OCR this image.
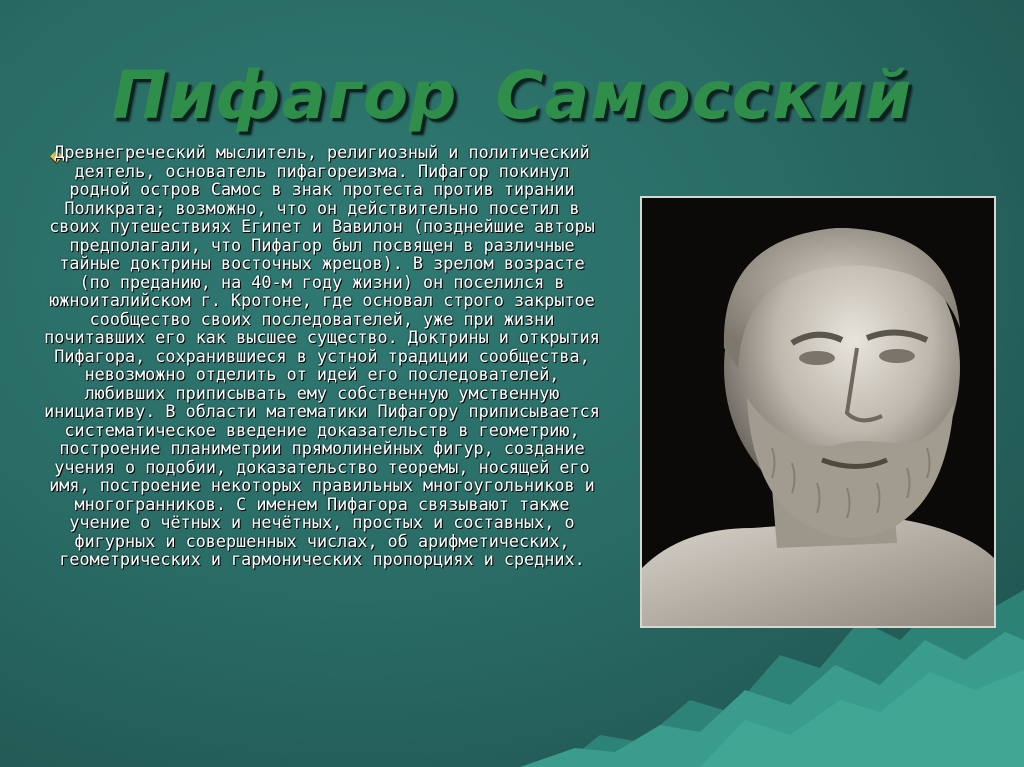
Пифагор Самосский

Древнегреческий мыслитель, религиозный и политический деятель, основатель пифагореизма. Пифагор покинул родной остров Самос в знак протеста против тирании Поликрата; возможно, что он действительно посетил в своих путешествиях Египет и Вавилон (позднейшие авторы предполагали, что Пифагор был посвящен в различные тайные доктрины восточных жрецов). В зрелом возрасте (по преданию, на 40-м году жизни) он поселился в южноиталийском г. Кротоне, где основал строго закрытое сообщество своих последователей, уже при жизни почитавших его как высшее существо. Доктрины и открытия Пифагора, сохранившиеся в устной традиции сообщества, невозможно отделить от идей его последователей, любивших приписывать ему собственную умственную инициативу. В области математики Пифагору приписывается систематическое введение доказательств в геометрию, построение планиметрии прямолинейных фигур, создание учения о подобии, доказательство теоремы, носящей его имя, построение некоторых правильных многоугольников и многогранников. С именем Пифагора связывают также учение о чётных и нечётных, простых и составных, о фигурных и совершенных числах, об арифметических, геометрических и гармонических пропорциях и средних.
